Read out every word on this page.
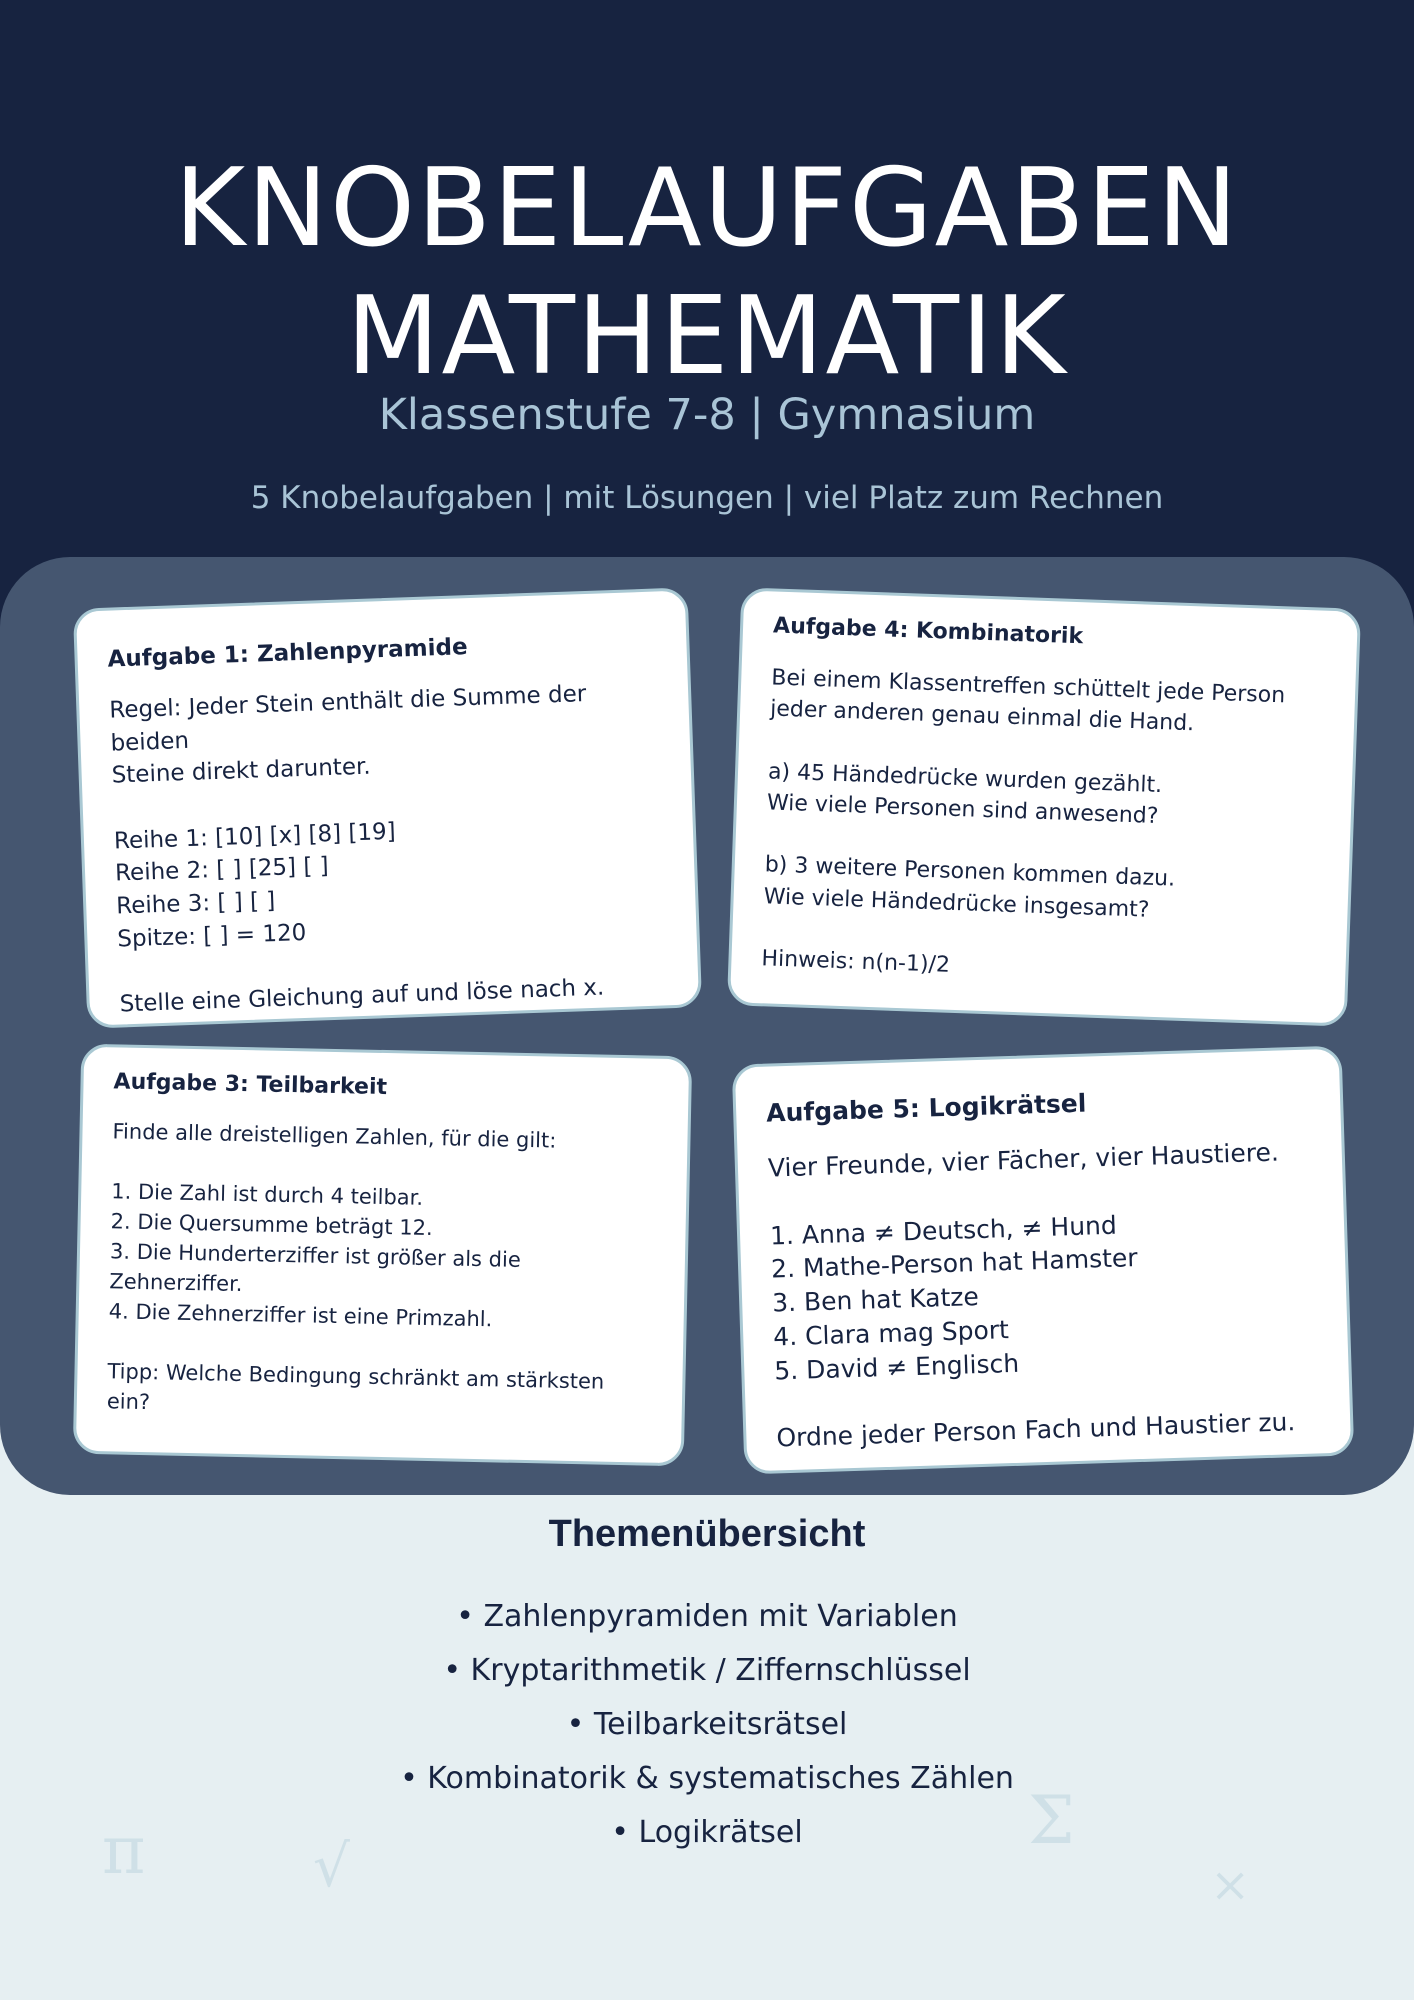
KNOBELAUFGABEN
MATHEMATIK
Klassenstufe 7-8 | Gymnasium
5 Knobelaufgaben | mit Lösungen | viel Platz zum Rechnen

Aufgabe 1: Zahlenpyramide

Regel: Jeder Stein enthält die Summe der beiden
Steine direkt darunter.

Reihe 1: [10] [x] [8] [19]
Reihe 2: [ ] [25] [ ]
Reihe 3: [ ] [ ]
Spitze: [ ] = 120

Stelle eine Gleichung auf und löse nach x.

Aufgabe 4: Kombinatorik

Bei einem Klassentreffen schüttelt jede Person
jeder anderen genau einmal die Hand.

a) 45 Händedrücke wurden gezählt.
Wie viele Personen sind anwesend?

b) 3 weitere Personen kommen dazu.
Wie viele Händedrücke insgesamt?

Hinweis: n(n-1)/2

Aufgabe 3: Teilbarkeit

Finde alle dreistelligen Zahlen, für die gilt:

1. Die Zahl ist durch 4 teilbar.
2. Die Quersumme beträgt 12.
3. Die Hunderterziffer ist größer als die
Zehnerziffer.
4. Die Zehnerziffer ist eine Primzahl.

Tipp: Welche Bedingung schränkt am stärksten
ein?

Aufgabe 5: Logikrätsel

Vier Freunde, vier Fächer, vier Haustiere.

1. Anna ≠ Deutsch, ≠ Hund
2. Mathe-Person hat Hamster
3. Ben hat Katze
4. Clara mag Sport
5. David ≠ Englisch

Ordne jeder Person Fach und Haustier zu.

Themenübersicht
• Zahlenpyramiden mit Variablen
• Kryptarithmetik / Ziffernschlüssel
• Teilbarkeitsrätsel
• Kombinatorik & systematisches Zählen
• Logikrätsel
π	√
Σ
×
